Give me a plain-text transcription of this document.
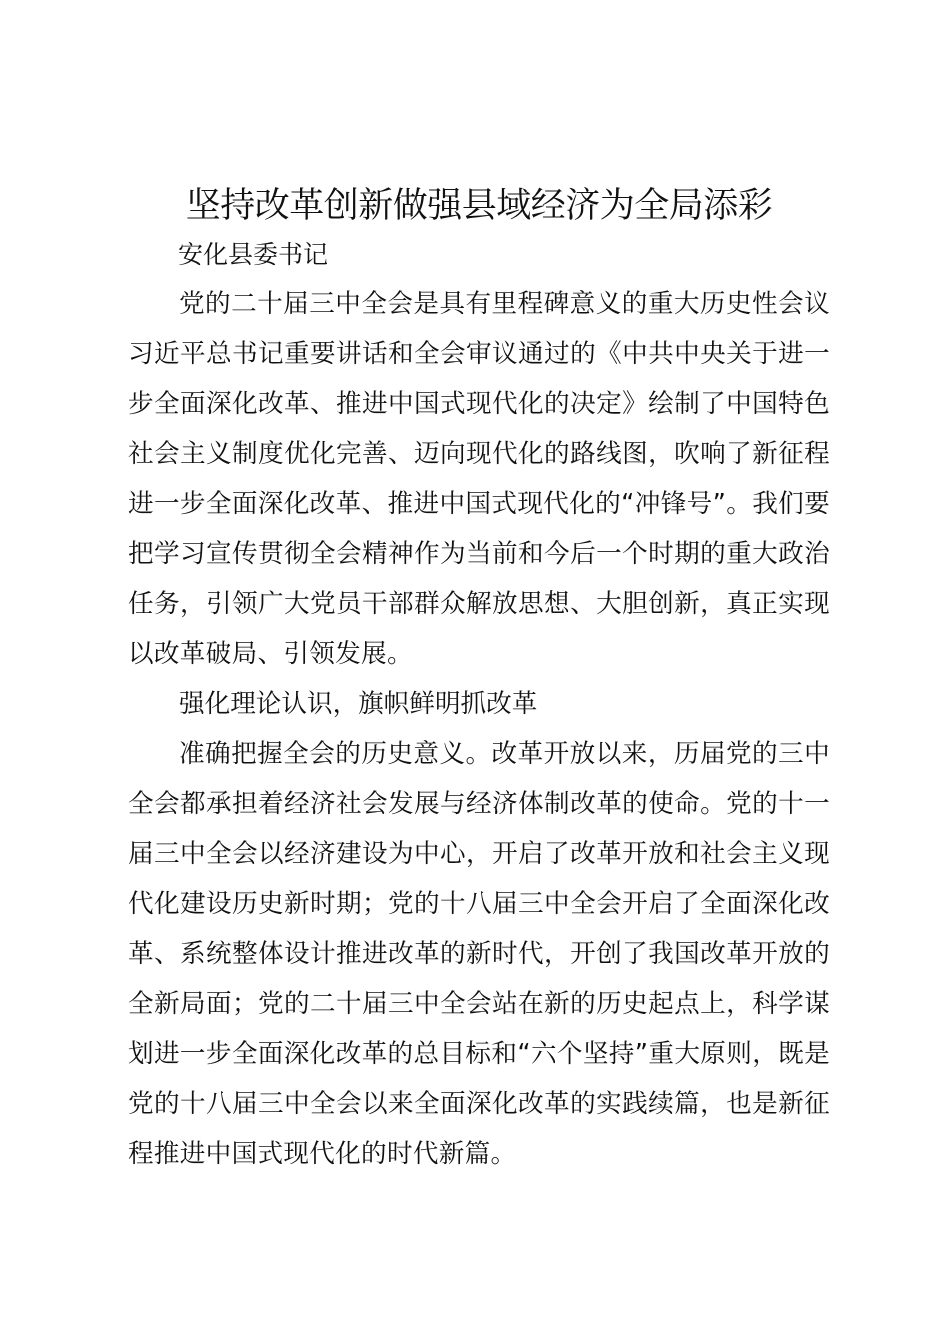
坚持改革创新做强县域经济为全局添彩

安化县委书记

党的二十届三中全会是具有里程碑意义的重大历史性会议习近平总书记重要讲话和全会审议通过的《中共中央关于进一步全面深化改革、推进中国式现代化的决定》绘制了中国特色社会主义制度优化完善、迈向现代化的路线图，吹响了新征程进一步全面深化改革、推进中国式现代化的“冲锋号”。我们要把学习宣传贯彻全会精神作为当前和今后一个时期的重大政治任务，引领广大党员干部群众解放思想、大胆创新，真正实现以改革破局、引领发展。

强化理论认识，旗帜鲜明抓改革

准确把握全会的历史意义。改革开放以来，历届党的三中全会都承担着经济社会发展与经济体制改革的使命。党的十一届三中全会以经济建设为中心，开启了改革开放和社会主义现代化建设历史新时期；党的十八届三中全会开启了全面深化改革、系统整体设计推进改革的新时代，开创了我国改革开放的全新局面；党的二十届三中全会站在新的历史起点上，科学谋划进一步全面深化改革的总目标和“六个坚持”重大原则，既是党的十八届三中全会以来全面深化改革的实践续篇，也是新征程推进中国式现代化的时代新篇。
